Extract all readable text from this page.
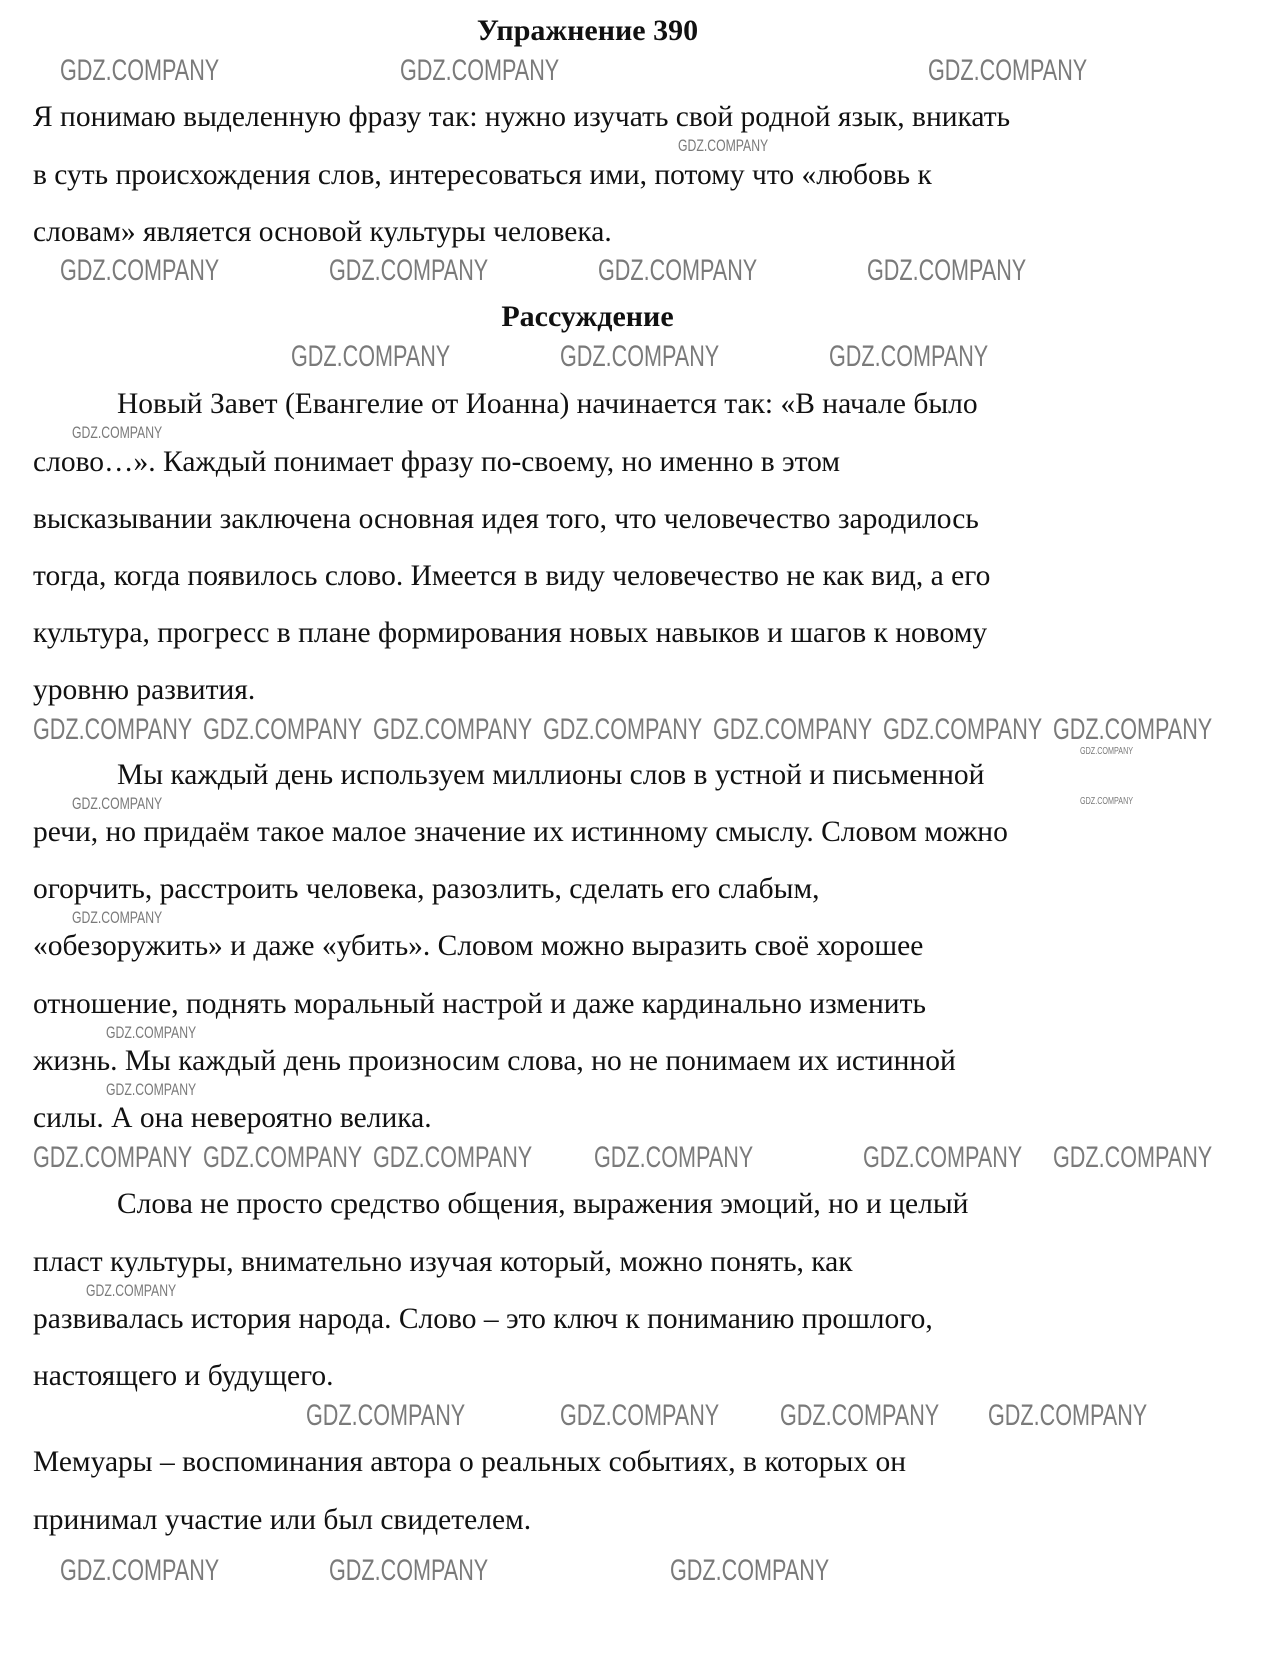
Упражнение 390
Я понимаю выделенную фразу так: нужно изучать свой родной язык, вникать
в суть происхождения слов, интересоваться ими, потому что «любовь к
словам» является основой культуры человека.
Рассуждение
Новый Завет (Евангелие от Иоанна) начинается так: «В начале было
слово…». Каждый понимает фразу по-своему, но именно в этом
высказывании заключена основная идея того, что человечество зародилось
тогда, когда появилось слово. Имеется в виду человечество не как вид, а его
культура, прогресс в плане формирования новых навыков и шагов к новому
уровню развития.
Мы каждый день используем миллионы слов в устной и письменной
речи, но придаём такое малое значение их истинному смыслу. Словом можно
огорчить, расстроить человека, разозлить, сделать его слабым,
«обезоружить» и даже «убить». Словом можно выразить своё хорошее
отношение, поднять моральный настрой и даже кардинально изменить
жизнь. Мы каждый день произносим слова, но не понимаем их истинной
силы. А она невероятно велика.
Слова не просто средство общения, выражения эмоций, но и целый
пласт культуры, внимательно изучая который, можно понять, как
развивалась история народа. Слово – это ключ к пониманию прошлого,
настоящего и будущего.
Мемуары – воспоминания автора о реальных событиях, в которых он
принимал участие или был свидетелем.
GDZ.COMPANY	GDZ.COMPANY	GDZ.COMPANY
GDZ.COMPANY
GDZ.COMPANY	GDZ.COMPANY	GDZ.COMPANY	GDZ.COMPANY
GDZ.COMPANY	GDZ.COMPANY	GDZ.COMPANY
GDZ.COMPANY
GDZ.COMPANY GDZ.COMPANY GDZ.COMPANY GDZ.COMPANY GDZ.COMPANY GDZ.COMPANY GDZ.COMPANY
GDZ.COMPANY
GDZ.COMPANY
GDZ.COMPANY
GDZ.COMPANY
GDZ.COMPANY
GDZ.COMPANY
GDZ.COMPANY GDZ.COMPANY GDZ.COMPANY GDZ.COMPANY	GDZ.COMPANY GDZ.COMPANY
GDZ.COMPANY
GDZ.COMPANY	GDZ.COMPANY GDZ.COMPANY GDZ.COMPANY
GDZ.COMPANY	GDZ.COMPANY	GDZ.COMPANY
